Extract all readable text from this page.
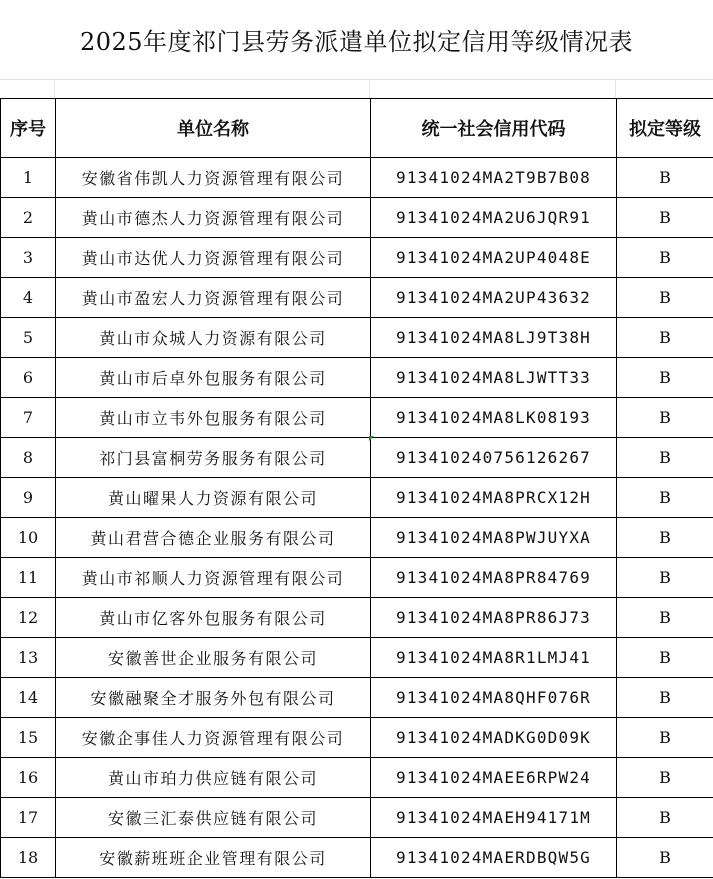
2025年度祁门县劳务派遣单位拟定信用等级情况表
序号	单位名称	统一社会信用代码	拟定等级
1	安徽省伟凯人力资源管理有限公司	91341024MA2T9B7B08	B
2	黄山市德杰人力资源管理有限公司	91341024MA2U6JQR91	B
3	黄山市达优人力资源管理有限公司	91341024MA2UP4048E	B
4	黄山市盈宏人力资源管理有限公司	91341024MA2UP43632	B
5	黄山市众城人力资源有限公司	91341024MA8LJ9T38H	B
6	黄山市后卓外包服务有限公司	91341024MA8LJWTT33	B
7	黄山市立韦外包服务有限公司	91341024MA8LK08193	B
8	祁门县富桐劳务服务有限公司	913410240756126267	B
9	黄山曜果人力资源有限公司	91341024MA8PRCX12H	B
10	黄山君营合德企业服务有限公司	91341024MA8PWJUYXA	B
11	黄山市祁顺人力资源管理有限公司	91341024MA8PR84769	B
12	黄山市亿客外包服务有限公司	91341024MA8PR86J73	B
13	安徽善世企业服务有限公司	91341024MA8R1LMJ41	B
14	安徽融聚全才服务外包有限公司	91341024MA8QHF076R	B
15	安徽企事佳人力资源管理有限公司	91341024MADKG0D09K	B
16	黄山市珀力供应链有限公司	91341024MAEE6RPW24	B
17	安徽三汇泰供应链有限公司	91341024MAEH94171M	B
18	安徽薪班班企业管理有限公司	91341024MAERDBQW5G	B
